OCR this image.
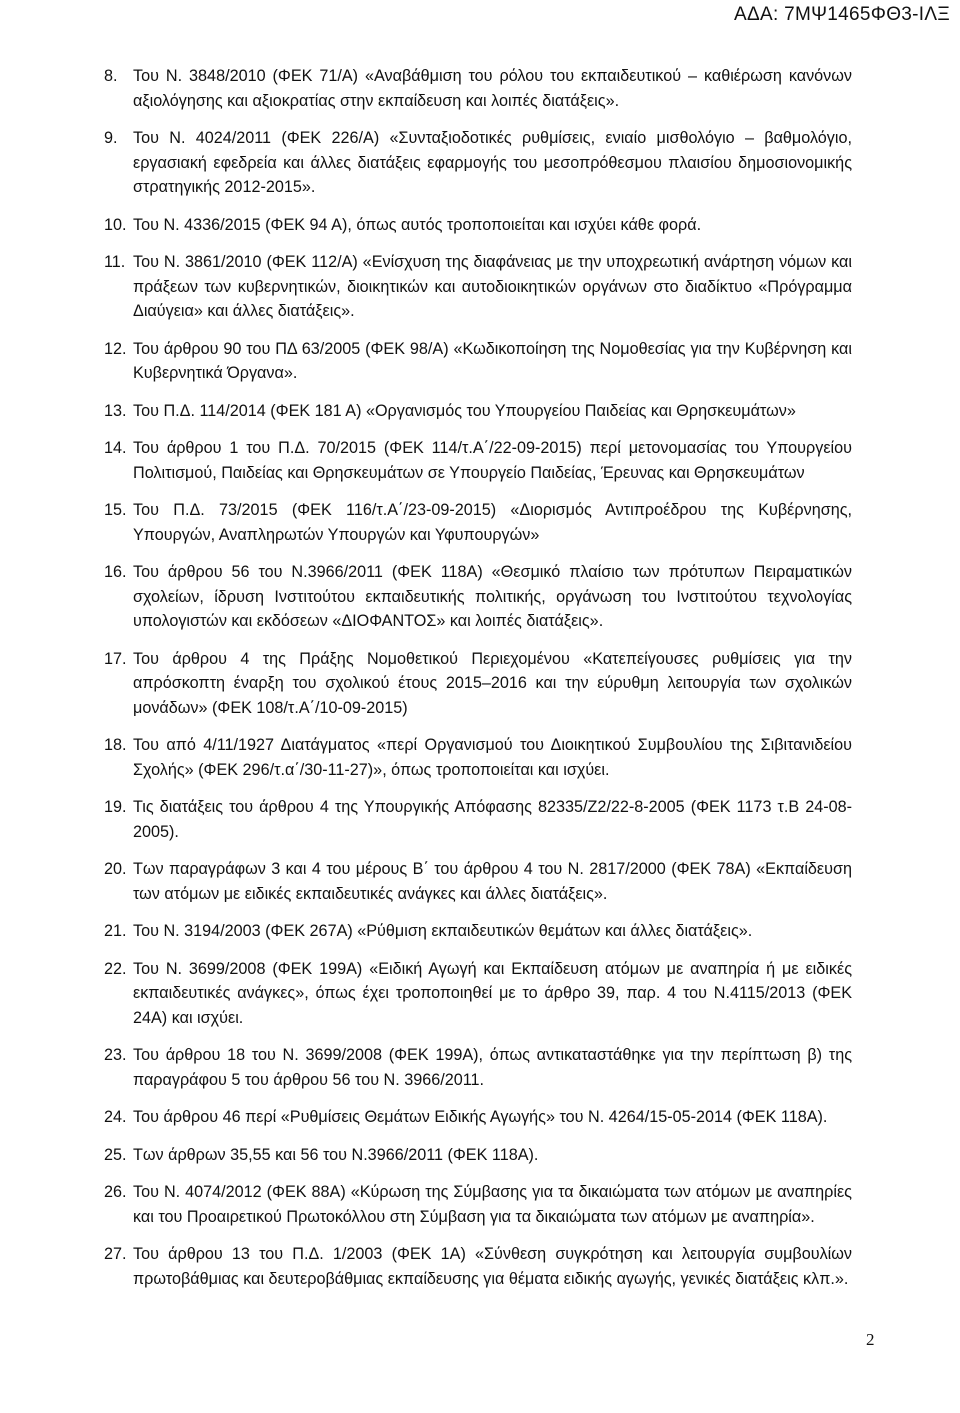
ΑΔΑ: 7ΜΨ1465ΦΘ3-ΙΛΞ
8. Του Ν. 3848/2010 (ΦΕΚ 71/Α) «Αναβάθμιση του ρόλου του εκπαιδευτικού – καθιέρωση κανόνων αξιολόγησης και αξιοκρατίας στην εκπαίδευση και λοιπές διατάξεις».
9. Του Ν. 4024/2011 (ΦΕΚ 226/Α) «Συνταξιοδοτικές ρυθμίσεις, ενιαίο μισθολόγιο – βαθμολόγιο, εργασιακή εφεδρεία και άλλες διατάξεις εφαρμογής του μεσοπρόθεσμου πλαισίου δημοσιονομικής στρατηγικής 2012-2015».
10. Του Ν. 4336/2015 (ΦΕΚ 94 Α), όπως αυτός τροποποιείται και ισχύει κάθε φορά.
11. Του Ν. 3861/2010 (ΦΕΚ 112/Α) «Ενίσχυση της διαφάνειας με την υποχρεωτική ανάρτηση νόμων και πράξεων των κυβερνητικών, διοικητικών και αυτοδιοικητικών οργάνων στο διαδίκτυο «Πρόγραμμα Διαύγεια» και άλλες διατάξεις».
12. Του άρθρου 90 του ΠΔ 63/2005 (ΦΕΚ 98/Α) «Κωδικοποίηση της Νομοθεσίας για την Κυβέρνηση και Κυβερνητικά Όργανα».
13. Του Π.Δ. 114/2014 (ΦΕΚ 181 Α) «Οργανισμός του Υπουργείου Παιδείας και Θρησκευμάτων»
14. Του άρθρου 1 του Π.Δ. 70/2015 (ΦΕΚ 114/τ.Α΄/22-09-2015) περί μετονομασίας του Υπουργείου Πολιτισμού, Παιδείας και Θρησκευμάτων σε Υπουργείο Παιδείας, Έρευνας και Θρησκευμάτων
15. Του Π.Δ. 73/2015 (ΦΕΚ 116/τ.Α΄/23-09-2015) «Διορισμός Αντιπροέδρου της Κυβέρνησης, Υπουργών, Αναπληρωτών Υπουργών και Υφυπουργών»
16. Του άρθρου 56 του Ν.3966/2011 (ΦΕΚ 118Α) «Θεσμικό πλαίσιο των πρότυπων Πειραματικών σχολείων, ίδρυση Ινστιτούτου εκπαιδευτικής πολιτικής, οργάνωση του Ινστιτούτου τεχνολογίας υπολογιστών και εκδόσεων «ΔΙΟΦΑΝΤΟΣ» και λοιπές διατάξεις».
17. Του άρθρου 4 της Πράξης Νομοθετικού Περιεχομένου «Κατεπείγουσες ρυθμίσεις για την απρόσκοπτη έναρξη του σχολικού έτους 2015–2016 και την εύρυθμη λειτουργία των σχολικών μονάδων» (ΦΕΚ 108/τ.Α΄/10-09-2015)
18. Του από 4/11/1927 Διατάγματος «περί Οργανισμού του Διοικητικού Συμβουλίου της Σιβιτανιδείου Σχολής» (ΦΕΚ 296/τ.α΄/30-11-27)», όπως τροποποιείται και ισχύει.
19. Τις διατάξεις του άρθρου 4 της Υπουργικής Απόφασης 82335/Ζ2/22-8-2005 (ΦΕΚ 1173 τ.Β 24-08-2005).
20. Των παραγράφων 3 και 4 του μέρους Β΄ του άρθρου 4 του Ν. 2817/2000 (ΦΕΚ 78Α) «Εκπαίδευση των ατόμων με ειδικές εκπαιδευτικές ανάγκες και άλλες διατάξεις».
21. Του Ν. 3194/2003 (ΦΕΚ 267Α) «Ρύθμιση εκπαιδευτικών θεμάτων και άλλες διατάξεις».
22. Του Ν. 3699/2008 (ΦΕΚ 199Α) «Ειδική Αγωγή και Εκπαίδευση ατόμων με αναπηρία ή με ειδικές εκπαιδευτικές ανάγκες», όπως έχει τροποποιηθεί με το άρθρο 39, παρ. 4 του Ν.4115/2013 (ΦΕΚ 24Α) και ισχύει.
23. Του άρθρου 18 του Ν. 3699/2008 (ΦΕΚ 199Α), όπως αντικαταστάθηκε για την περίπτωση β) της παραγράφου 5 του άρθρου 56 του Ν. 3966/2011.
24. Του άρθρου 46 περί «Ρυθμίσεις Θεμάτων Ειδικής Αγωγής» του Ν. 4264/15-05-2014 (ΦΕΚ 118Α).
25. Των άρθρων 35,55 και 56 του Ν.3966/2011 (ΦΕΚ 118Α).
26. Του Ν. 4074/2012 (ΦΕΚ 88Α) «Κύρωση της Σύμβασης για τα δικαιώματα των ατόμων με αναπηρίες και του Προαιρετικού Πρωτοκόλλου στη Σύμβαση για τα δικαιώματα των ατόμων με αναπηρία».
27. Του άρθρου 13 του Π.Δ. 1/2003 (ΦΕΚ 1Α) «Σύνθεση συγκρότηση και λειτουργία συμβουλίων πρωτοβάθμιας και δευτεροβάθμιας εκπαίδευσης για θέματα ειδικής αγωγής, γενικές διατάξεις κλπ.».
2
